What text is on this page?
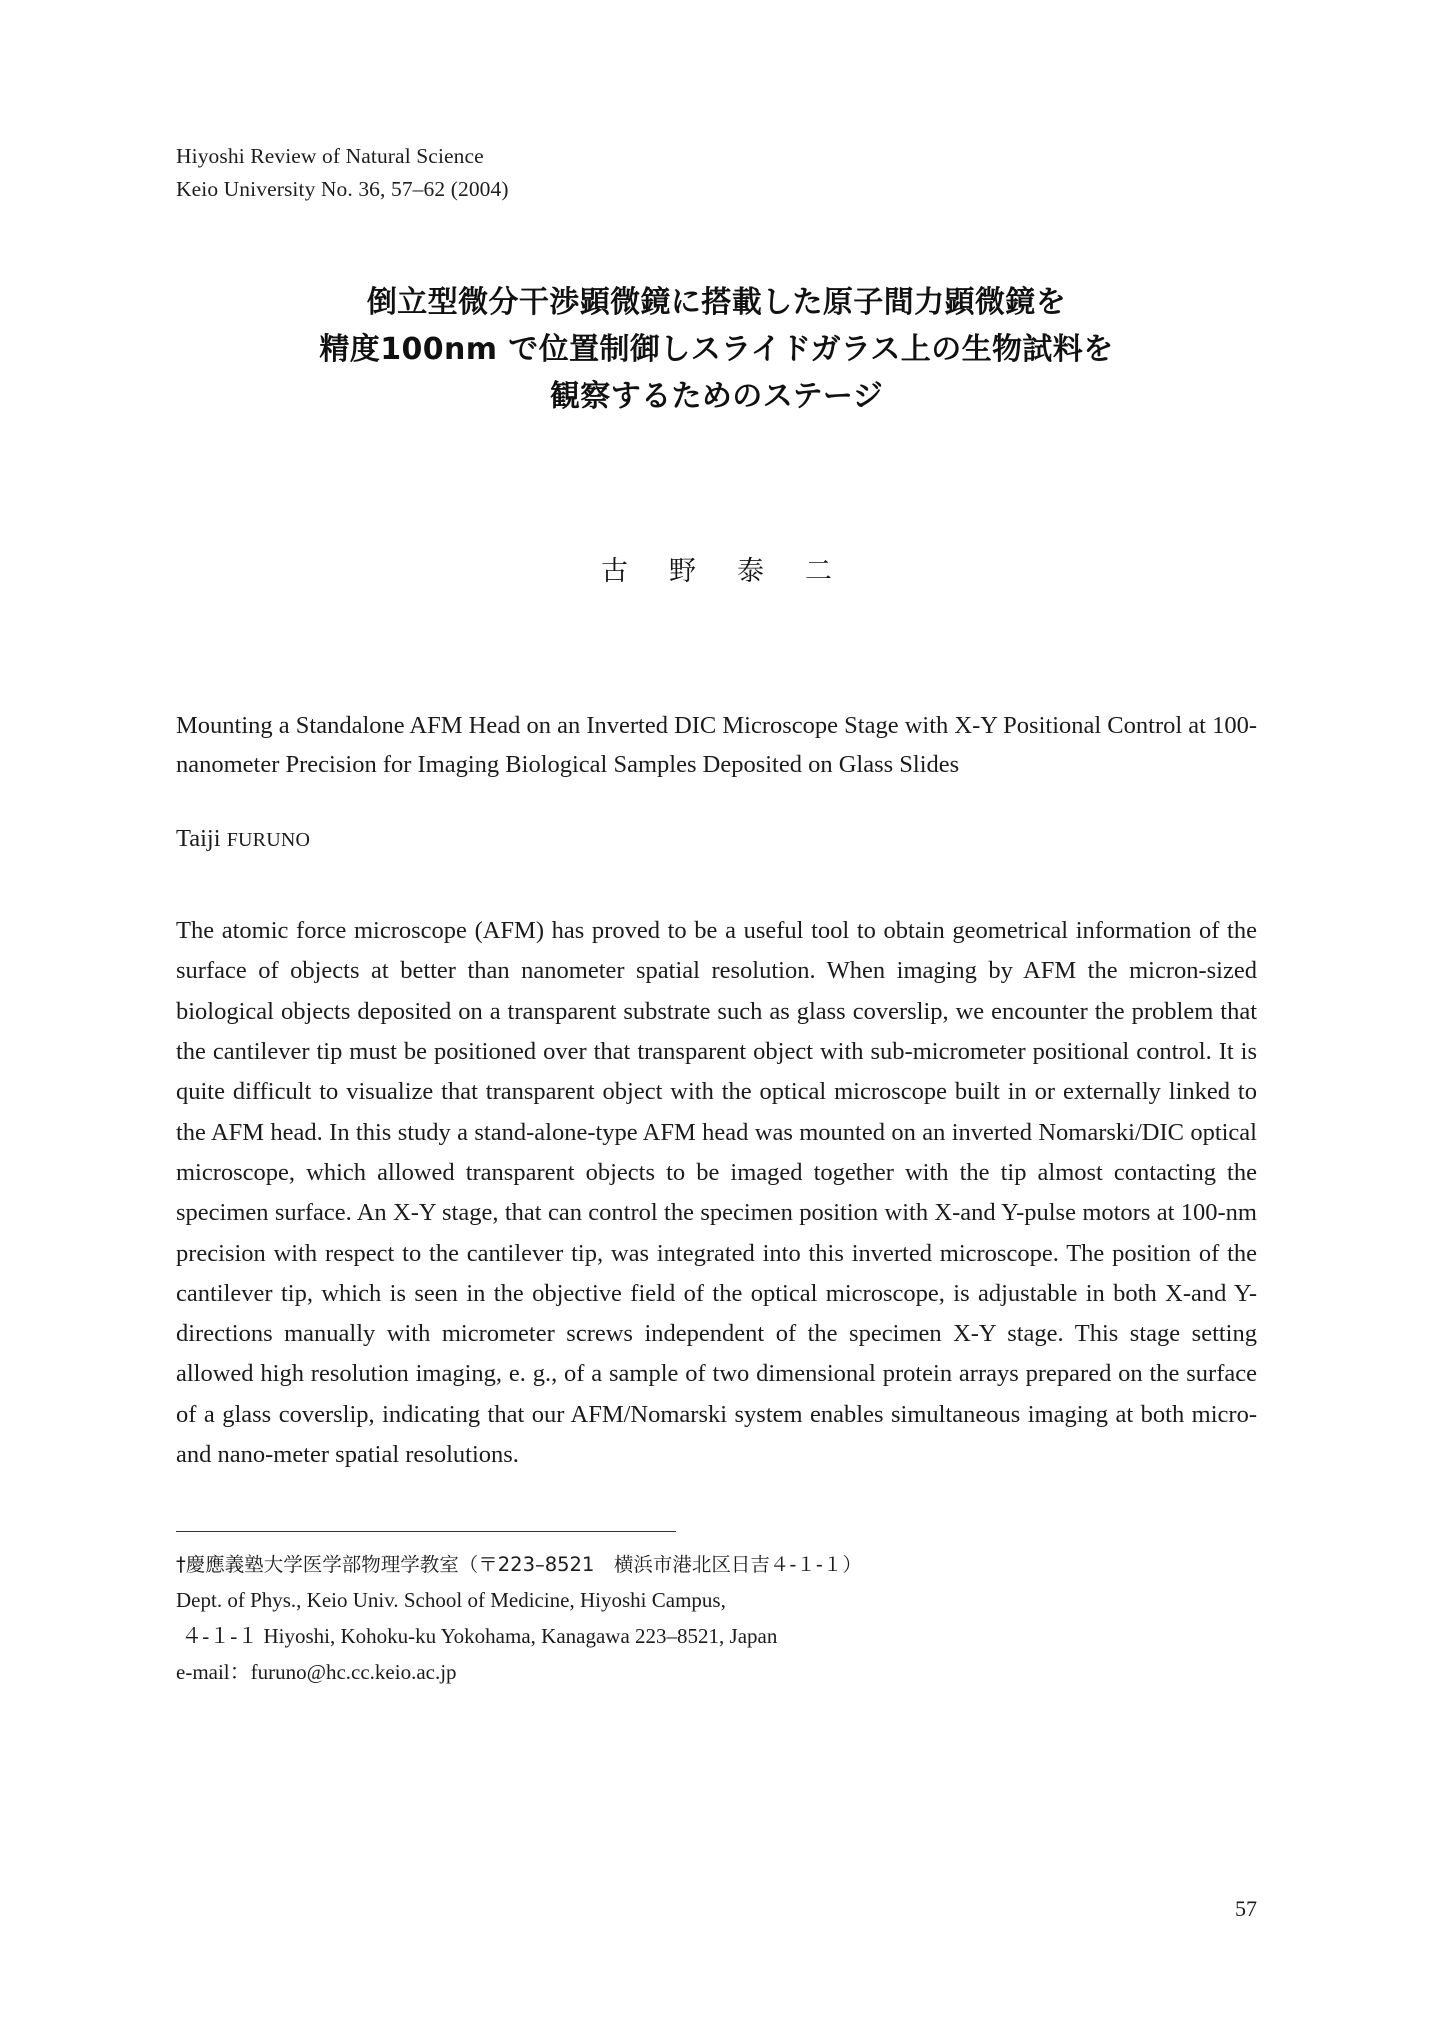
Hiyoshi Review of Natural Science
Keio University No. 36, 57–62 (2004)
倒立型微分干渉顕微鏡に搭載した原子間力顕微鏡を
精度100nm で位置制御しスライドガラス上の生物試料を
観察するためのステージ
古 野 泰 二
Mounting a Standalone AFM Head on an Inverted DIC Microscope Stage with X-Y Positional Control at 100-nanometer Precision for Imaging Biological Samples Deposited on Glass Slides
Taiji FURUNO
The atomic force microscope (AFM) has proved to be a useful tool to obtain geometrical information of the surface of objects at better than nanometer spatial resolution. When imaging by AFM the micron-sized biological objects deposited on a transparent substrate such as glass coverslip, we encounter the problem that the cantilever tip must be positioned over that transparent object with sub-micrometer positional control. It is quite difficult to visualize that transparent object with the optical microscope built in or externally linked to the AFM head. In this study a stand-alone-type AFM head was mounted on an inverted Nomarski/DIC optical microscope, which allowed transparent objects to be imaged together with the tip almost contacting the specimen surface. An X-Y stage, that can control the specimen position with X-and Y-pulse motors at 100-nm precision with respect to the cantilever tip, was integrated into this inverted microscope. The position of the cantilever tip, which is seen in the objective field of the optical microscope, is adjustable in both X-and Y-directions manually with micrometer screws independent of the specimen X-Y stage. This stage setting allowed high resolution imaging, e. g., of a sample of two dimensional protein arrays prepared on the surface of a glass coverslip, indicating that our AFM/Nomarski system enables simultaneous imaging at both micro-and nano-meter spatial resolutions.
†慶應義塾大学医学部物理学教室（〒223–8521　横浜市港北区日吉４-１-１）
Dept. of Phys., Keio Univ. School of Medicine, Hiyoshi Campus,
４-１-１ Hiyoshi, Kohoku-ku Yokohama, Kanagawa 223–8521, Japan
e-mail：furuno@hc.cc.keio.ac.jp
57
